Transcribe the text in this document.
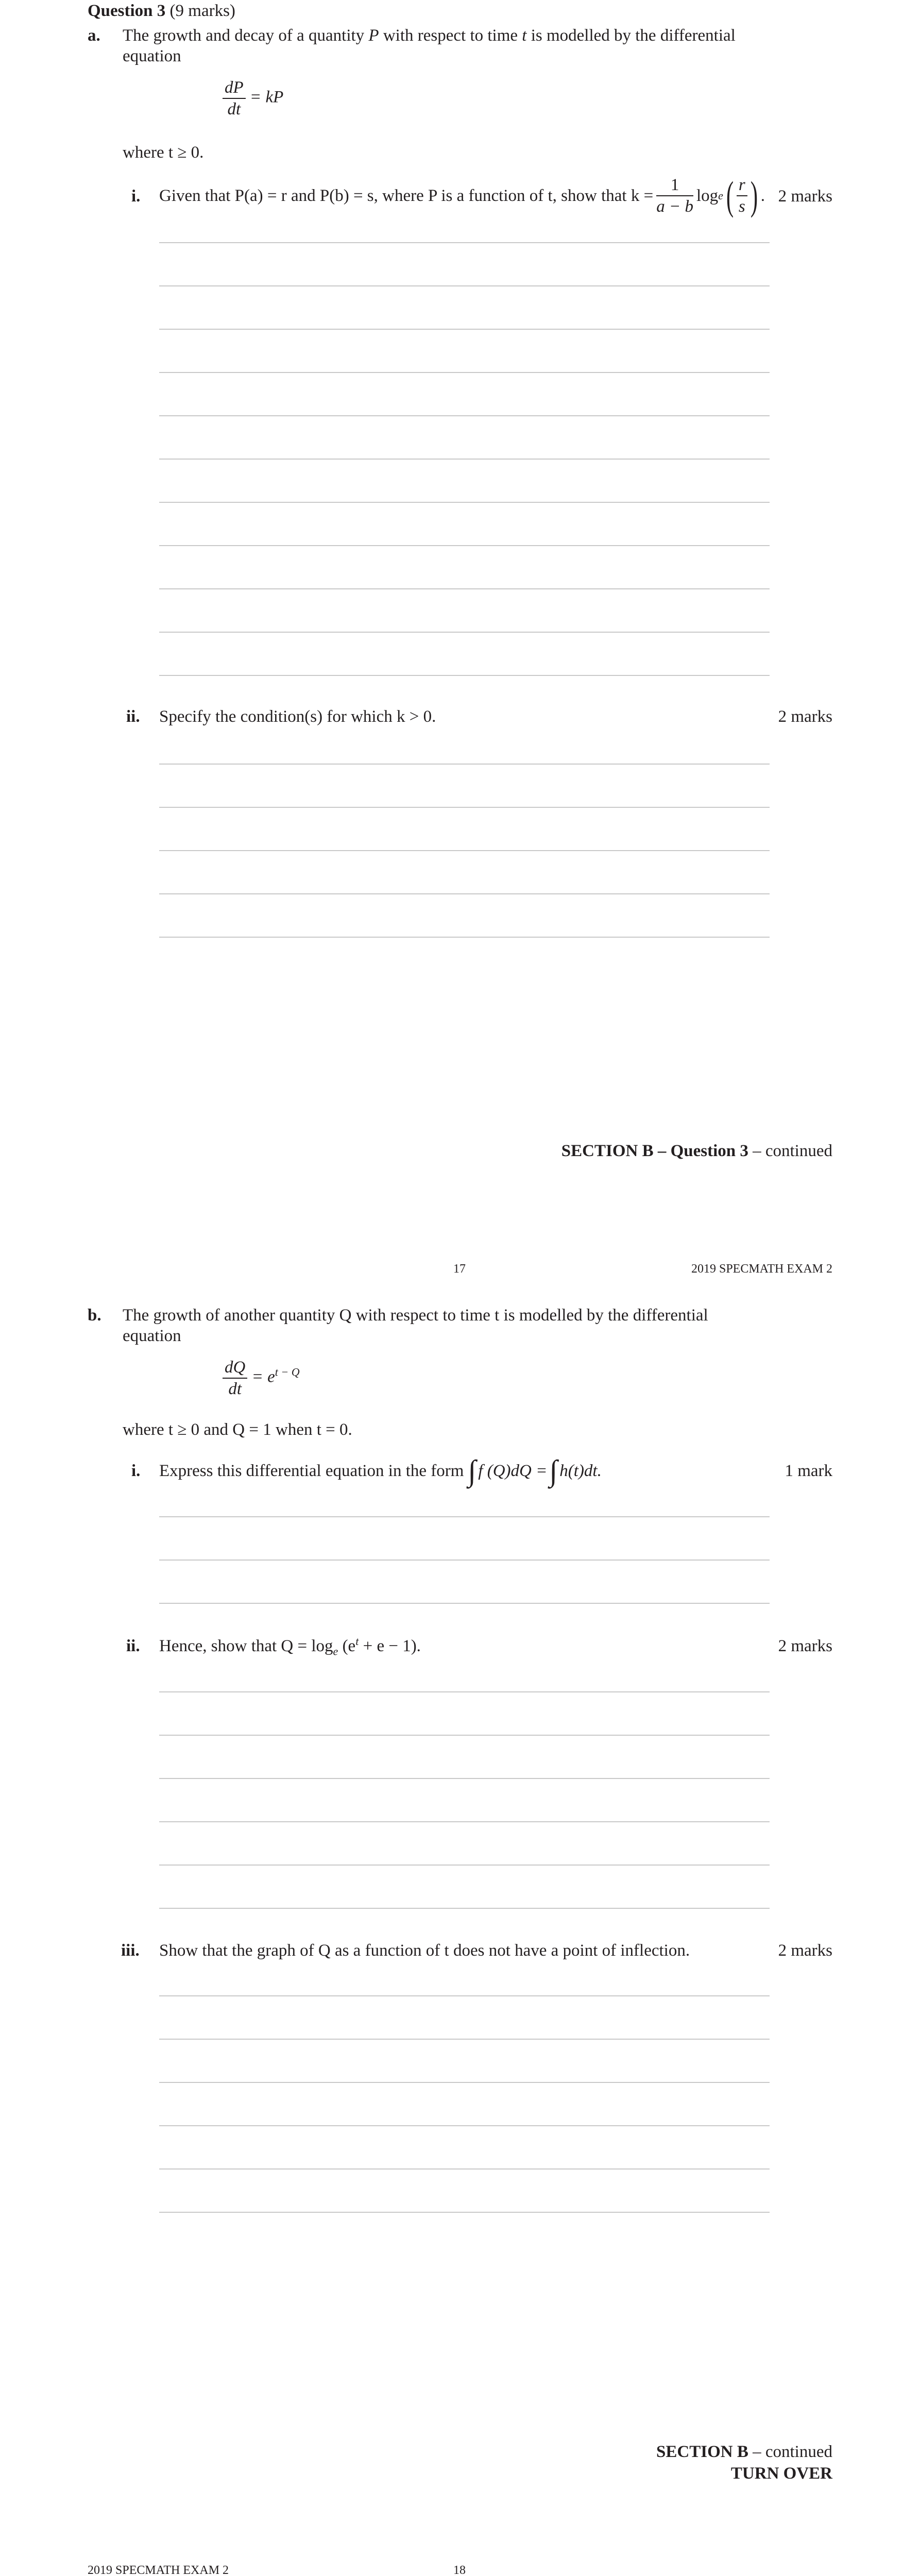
Question 3 (9 marks)
a. The growth and decay of a quantity P with respect to time t is modelled by the differential
equation
$\frac{dP}{dt}$ = kP
where t ≥ 0.
i. Given that P(a) = r and P(b) = s, where P is a function of t, show that $k = \frac{1}{a - b}$ log e ( $\frac{r}{s}$ ) . 2 marks
ii. Specify the condition(s) for which k > 0.	2 marks
SECTION B – Question 3 – continued
17	2019 SPECMATH EXAM 2
b. The growth of another quantity Q with respect to time t is modelled by the differential
equation
$\frac{dQ}{dt} = e^{t - Q}$
where t ≥ 0 and Q = 1 when t = 0.
i. Express this differential equation in the form ∫ f (Q)dQ = ∫ h(t)dt.	1 mark
ii. Hence, show that $Q = \log_e (e^t + e - 1)$.	2 marks
iii. Show that the graph of Q as a function of t does not have a point of inflection.	2 marks
SECTION B – continued
TURN OVER
2019 SPECMATH EXAM 2	18
